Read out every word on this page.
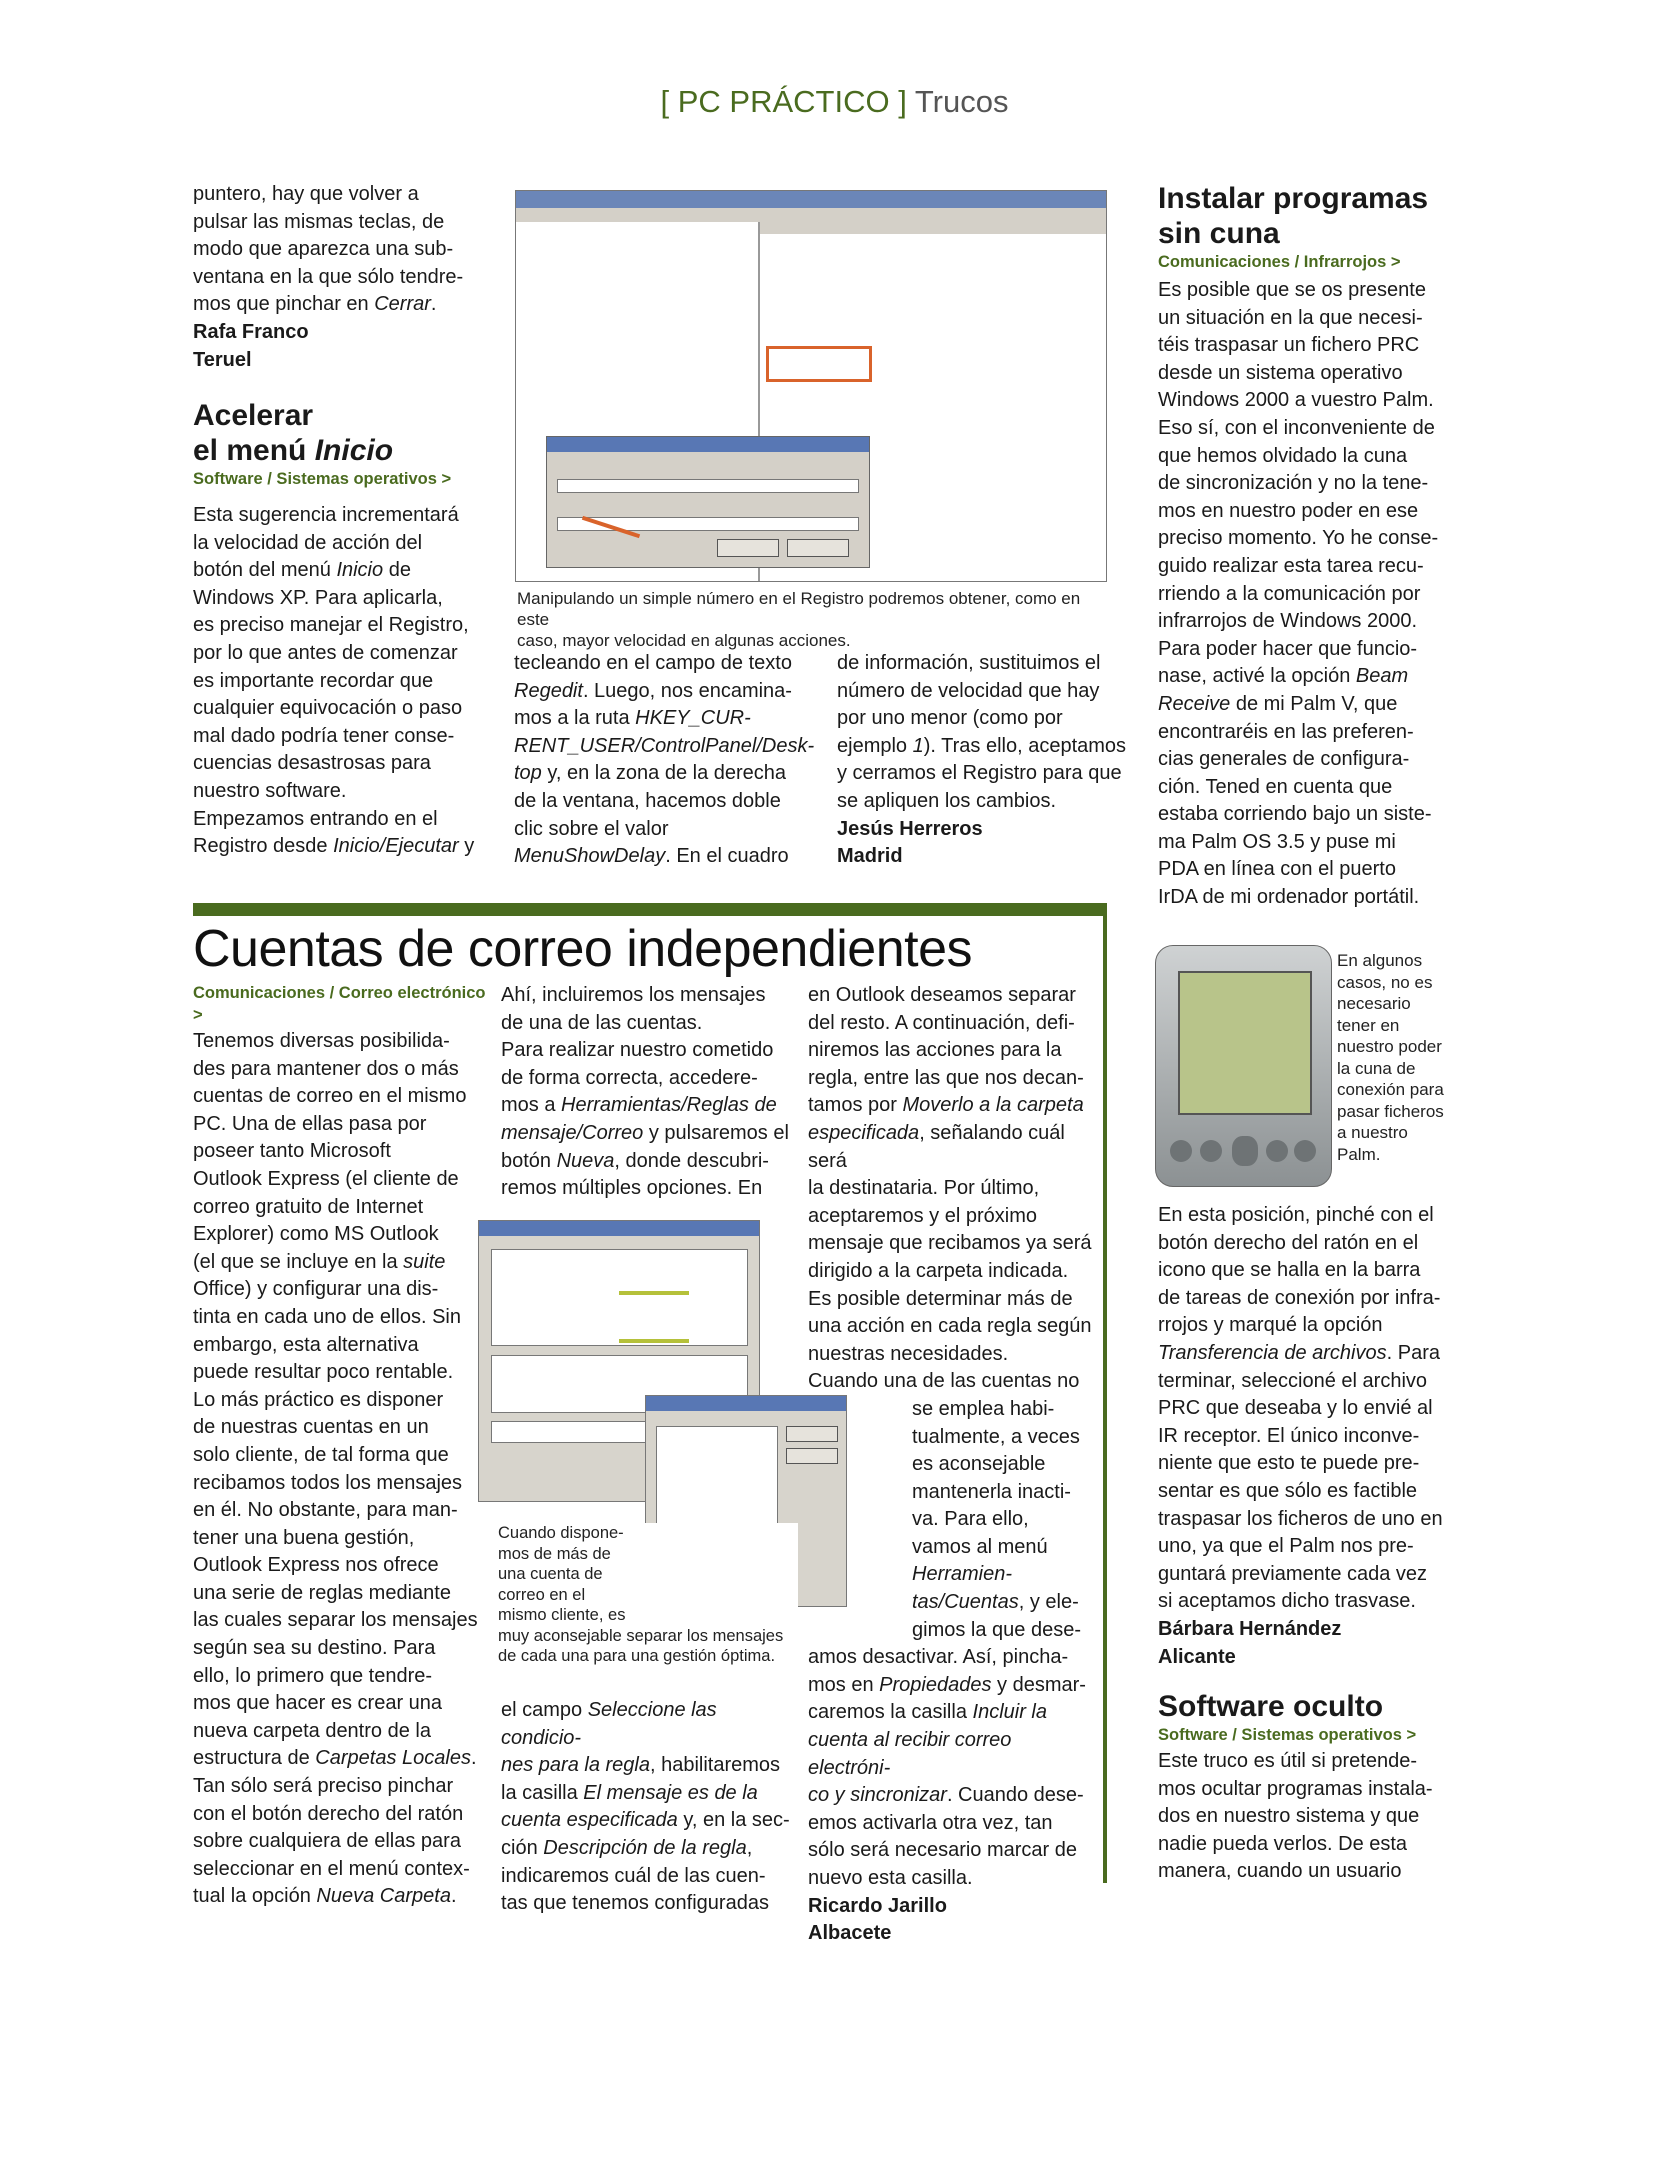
[ PC PRÁCTICO ] Trucos

puntero, hay que volver a

pulsar las mismas teclas, de

modo que aparezca una sub-

ventana en la que sólo tendre-

mos que pinchar en Cerrar.

Rafa Franco

Teruel

Acelerar

el menú Inicio

Software / Sistemas operativos >

Esta sugerencia incrementará

la velocidad de acción del

botón del menú Inicio de

Windows XP. Para aplicarla,

es preciso manejar el Registro,

por lo que antes de comenzar

es importante recordar que

cualquier equivocación o paso

mal dado podría tener conse-

cuencias desastrosas para

nuestro software.

Empezamos entrando en el

Registro desde Inicio/Ejecutar y

Manipulando un simple número en el Registro podremos obtener, como en este
caso, mayor velocidad en algunas acciones.

tecleando en el campo de texto

Regedit. Luego, nos encamina-

mos a la ruta HKEY_CUR-

RENT_USER/ControlPanel/Desk-

top y, en la zona de la derecha

de la ventana, hacemos doble

clic sobre el valor

MenuShowDelay. En el cuadro

de información, sustituimos el

número de velocidad que hay

por uno menor (como por

ejemplo 1). Tras ello, aceptamos

y cerramos el Registro para que

se apliquen los cambios.

Jesús Herreros

Madrid

Instalar programas

sin cuna

Comunicaciones / Infrarrojos >

Es posible que se os presente

un situación en la que necesi-

téis traspasar un fichero PRC

desde un sistema operativo

Windows 2000 a vuestro Palm.

Eso sí, con el inconveniente de

que hemos olvidado la cuna

de sincronización y no la tene-

mos en nuestro poder en ese

preciso momento. Yo he conse-

guido realizar esta tarea recu-

rriendo a la comunicación por

infrarrojos de Windows 2000.

Para poder hacer que funcio-

nase, activé la opción Beam

Receive de mi Palm V, que

encontraréis en las preferen-

cias generales de configura-

ción. Tened en cuenta que

estaba corriendo bajo un siste-

ma Palm OS 3.5 y puse mi

PDA en línea con el puerto

IrDA de mi ordenador portátil.

En algunos
casos, no es
necesario
tener en
nuestro poder
la cuna de
conexión para
pasar ficheros
a nuestro
Palm.

En esta posición, pinché con el

botón derecho del ratón en el

icono que se halla en la barra

de tareas de conexión por infra-

rrojos y marqué la opción

Transferencia de archivos. Para

terminar, seleccioné el archivo

PRC que deseaba y lo envié al

IR receptor. El único inconve-

niente que esto te puede pre-

sentar es que sólo es factible

traspasar los ficheros de uno en

uno, ya que el Palm nos pre-

guntará previamente cada vez

si aceptamos dicho trasvase.

Bárbara Hernández

Alicante

Software oculto

Software / Sistemas operativos >

Este truco es útil si pretende-

mos ocultar programas instala-

dos en nuestro sistema y que

nadie pueda verlos. De esta

manera, cuando un usuario

Cuentas de correo independientes

Comunicaciones / Correo electrónico >

Tenemos diversas posibilida-

des para mantener dos o más

cuentas de correo en el mismo

PC. Una de ellas pasa por

poseer tanto Microsoft

Outlook Express (el cliente de

correo gratuito de Internet

Explorer) como MS Outlook

(el que se incluye en la suite

Office) y configurar una dis-

tinta en cada uno de ellos. Sin

embargo, esta alternativa

puede resultar poco rentable.

Lo más práctico es disponer

de nuestras cuentas en un

solo cliente, de tal forma que

recibamos todos los mensajes

en él. No obstante, para man-

tener una buena gestión,

Outlook Express nos ofrece

una serie de reglas mediante

las cuales separar los mensajes

según sea su destino. Para

ello, lo primero que tendre-

mos que hacer es crear una

nueva carpeta dentro de la

estructura de Carpetas Locales.

Tan sólo será preciso pinchar

con el botón derecho del ratón

sobre cualquiera de ellas para

seleccionar en el menú contex-

tual la opción Nueva Carpeta.

Ahí, incluiremos los mensajes

de una de las cuentas.

Para realizar nuestro cometido

de forma correcta, accedere-

mos a Herramientas/Reglas de

mensaje/Correo y pulsaremos el

botón Nueva, donde descubri-

remos múltiples opciones. En

Cuando dispone-
mos de más de
una cuenta de
correo en el
mismo cliente, es
muy aconsejable separar los mensajes
de cada una para una gestión óptima.

el campo Seleccione las condicio-

nes para la regla, habilitaremos

la casilla El mensaje es de la

cuenta especificada y, en la sec-

ción Descripción de la regla,

indicaremos cuál de las cuen-

tas que tenemos configuradas

en Outlook deseamos separar

del resto. A continuación, defi-

niremos las acciones para la

regla, entre las que nos decan-

tamos por Moverlo a la carpeta

especificada, señalando cuál será

la destinataria. Por último,

aceptaremos y el próximo

mensaje que recibamos ya será

dirigido a la carpeta indicada.

Es posible determinar más de

una acción en cada regla según

nuestras necesidades.

Cuando una de las cuentas no

se emplea habi-

tualmente, a veces

es aconsejable

mantenerla inacti-

va. Para ello,

vamos al menú

Herramien-

tas/Cuentas, y ele-

gimos la que dese-

amos desactivar. Así, pincha-

mos en Propiedades y desmar-

caremos la casilla Incluir la

cuenta al recibir correo electróni-

co y sincronizar. Cuando dese-

emos activarla otra vez, tan

sólo será necesario marcar de

nuevo esta casilla.

Ricardo Jarillo

Albacete
